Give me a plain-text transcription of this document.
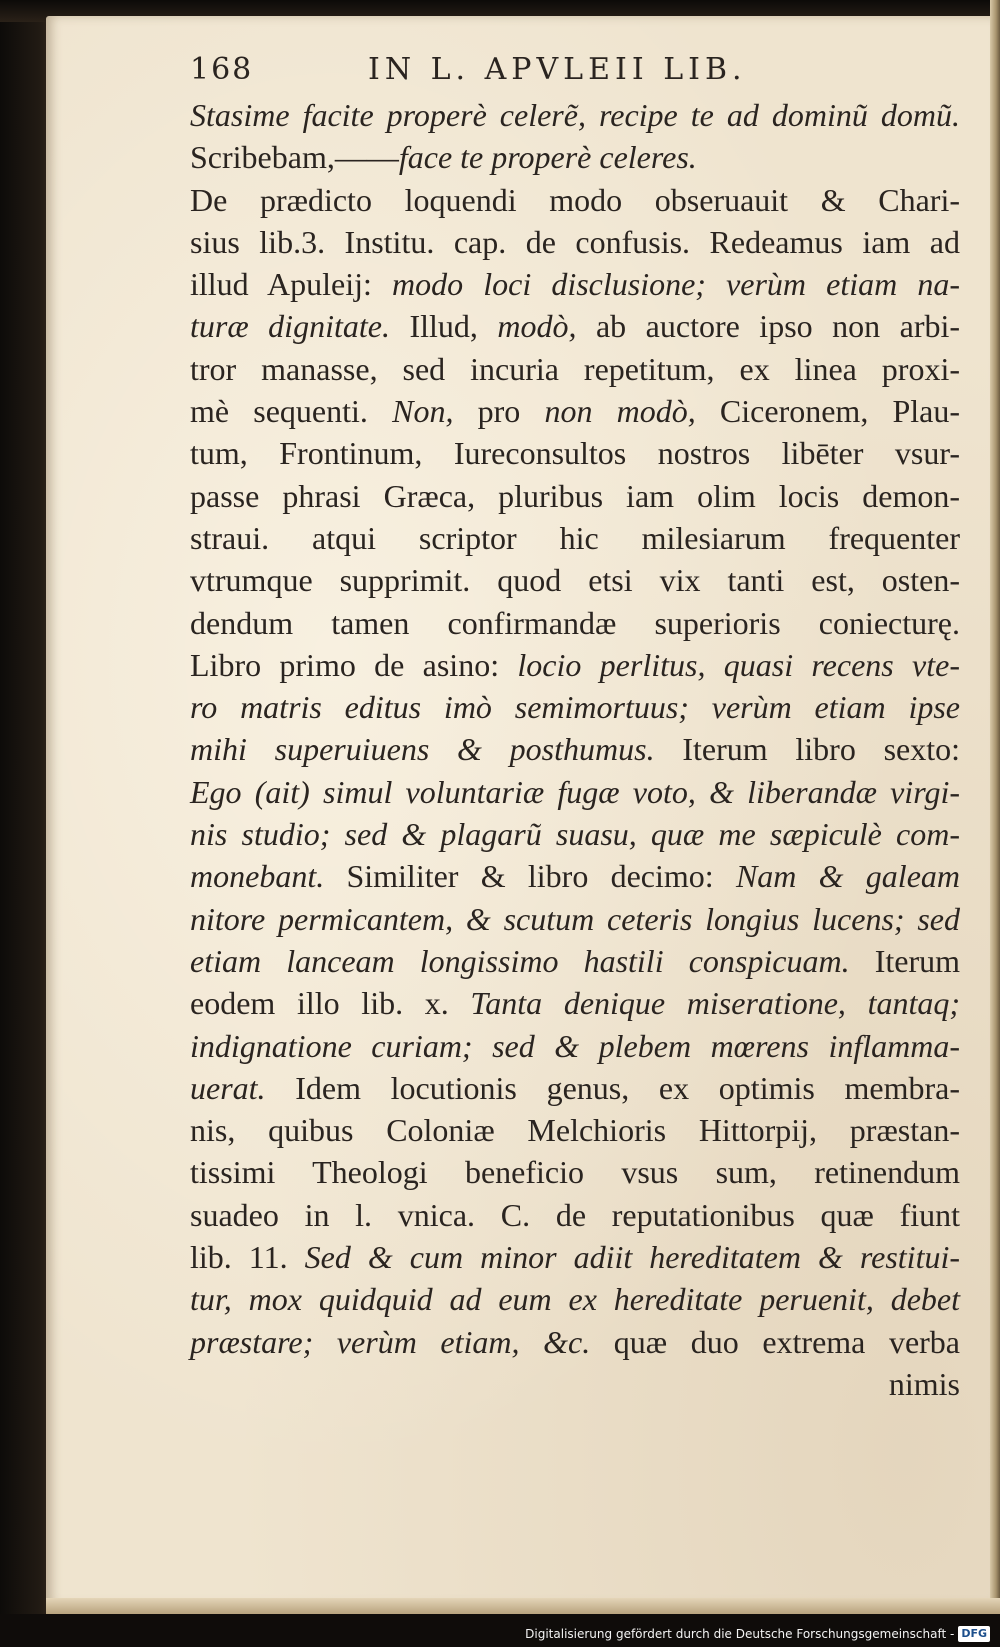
168	IN L. APVLEII LIB.
Stasime facite properè celerẽ, recipe te ad dominũ domũ.
Scribebam,——face te properè celeres.
De prædicto loquendi modo obseruauit & Chari-
sius lib.3. Institu. cap. de confusis. Redeamus iam ad
illud Apuleij: modo loci disclusione; verùm etiam na-
turæ dignitate. Illud, modò, ab auctore ipso non arbi-
tror manasse, sed incuria repetitum, ex linea proxi-
mè sequenti. Non, pro non modò, Ciceronem, Plau-
tum, Frontinum, Iureconsultos nostros libēter vsur-
passe phrasi Græca, pluribus iam olim locis demon-
straui. atqui scriptor hic milesiarum frequenter
vtrumque supprimit. quod etsi vix tanti est, osten-
dendum tamen confirmandæ superioris coniecturę.
Libro primo de asino: locio perlitus, quasi recens vte-
ro matris editus imò semimortuus; verùm etiam ipse
mihi superuiuens & posthumus. Iterum libro sexto:
Ego (ait) simul voluntariæ fugæ voto, & liberandæ virgi-
nis studio; sed & plagarũ suasu, quæ me sæpiculè com-
monebant. Similiter & libro decimo: Nam & galeam
nitore permicantem, & scutum ceteris longius lucens; sed
etiam lanceam longissimo hastili conspicuam. Iterum
eodem illo lib. x. Tanta denique miseratione, tantaq;
indignatione curiam; sed & plebem mœrens inflamma-
uerat. Idem locutionis genus, ex optimis membra-
nis, quibus Coloniæ Melchioris Hittorpij, præstan-
tissimi Theologi beneficio vsus sum, retinendum
suadeo in l. vnica. C. de reputationibus quæ fiunt
lib. 11. Sed & cum minor adiit hereditatem & restitui-
tur, mox quidquid ad eum ex hereditate peruenit, debet
præstare; verùm etiam, &c. quæ duo extrema verba
nimis
Digitalisierung gefördert durch die Deutsche Forschungsgemeinschaft - DFG
